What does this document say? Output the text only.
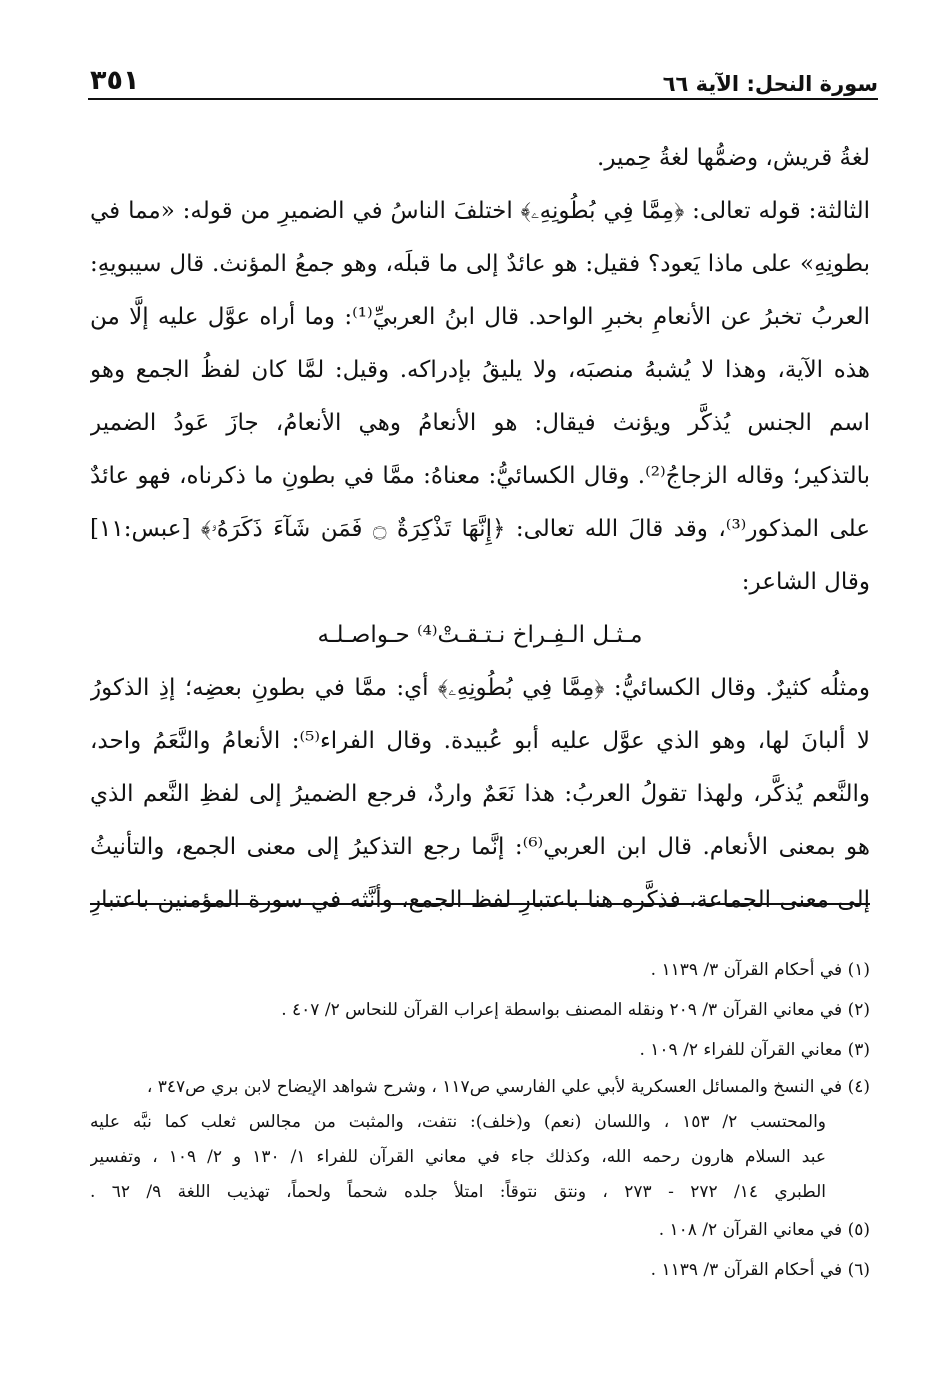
سورة النحل: الآية ٦٦
٣٥١
لغةُ قريش، وضمُّها لغةُ حِمير.
الثالثة: قوله تعالى: ﴿مِمَّا فِي بُطُونِهِۦ﴾ اختلفَ الناسُ في الضميرِ من قوله: «مما في
بطونِهِ» على ماذا يَعود؟ فقيل: هو عائدٌ إلى ما قبلَه، وهو جمعُ المؤنث. قال سيبويهِ:
العربُ تخبرُ عن الأنعامِ بخبرِ الواحد. قال ابنُ العربيِّ⁽¹⁾: وما أراه عوَّل عليه إلَّا من
هذه الآية، وهذا لا يُشبهُ منصبَه، ولا يليقُ بإدراكه. وقيل: لمَّا كان لفظُ الجمع وهو
اسم الجنس يُذكَّر ويؤنث فيقال: هو الأنعامُ وهي الأنعامُ، جازَ عَودُ الضمير
بالتذكير؛ وقاله الزجاجُ⁽²⁾. وقال الكسائيُّ: معناهُ: ممَّا في بطونِ ما ذكرناه، فهو عائدٌ
على المذكور⁽³⁾، وقد قالَ الله تعالى: ﴿إِنَّهَا تَذْكِرَةٌ ۝ فَمَن شَآءَ ذَكَرَهُۥ﴾ [عبس:١١]
وقال الشاعر:
مـثـل الـفِـراخ نـتـقـتْ⁽⁴⁾ حـواصـلـه
ومثلُه كثيرٌ. وقال الكسائيُّ: ﴿مِمَّا فِي بُطُونِهِۦ﴾ أي: ممَّا في بطونِ بعضِه؛ إذِ الذكورُ
لا ألبانَ لها، وهو الذي عوَّل عليه أبو عُبيدة. وقال الفراء⁽⁵⁾: الأنعامُ والنَّعَمُ واحد،
والنَّعم يُذكَّر، ولهذا تقولُ العربُ: هذا نَعَمٌ واردٌ، فرجع الضميرُ إلى لفظِ النَّعم الذي
هو بمعنى الأنعام. قال ابن العربي⁽⁶⁾: إنَّما رجع التذكيرُ إلى معنى الجمع، والتأنيثُ
إلى معنى الجماعة، فذكَّره هنا باعتبارِ لفظ الجمع، وأنَّثه في سورة المؤمنين باعتبارِ
(١) في أحكام القرآن ٣/ ١١٣٩ .
(٢) في معاني القرآن ٣/ ٢٠٩ ونقله المصنف بواسطة إعراب القرآن للنحاس ٢/ ٤٠٧ .
(٣) معاني القرآن للفراء ٢/ ١٠٩ .
(٤) في النسخ والمسائل العسكرية لأبي علي الفارسي ص١١٧ ، وشرح شواهد الإيضاح لابن بري ص٣٤٧ ،
والمحتسب ٢/ ١٥٣ ، واللسان (نعم) و(خلف): نتفت، والمثبت من مجالس ثعلب كما نبَّه عليه
عبد السلام هارون رحمه الله، وكذلك جاء في معاني القرآن للفراء ١/ ١٣٠ و ٢/ ١٠٩ ، وتفسير
الطبري ١٤/ ٢٧٢ - ٢٧٣ ، ونتق نتوقاً: امتلأ جلده شحماً ولحماً، تهذيب اللغة ٩/ ٦٢ .
(٥) في معاني القرآن ٢/ ١٠٨ .
(٦) في أحكام القرآن ٣/ ١١٣٩ .
